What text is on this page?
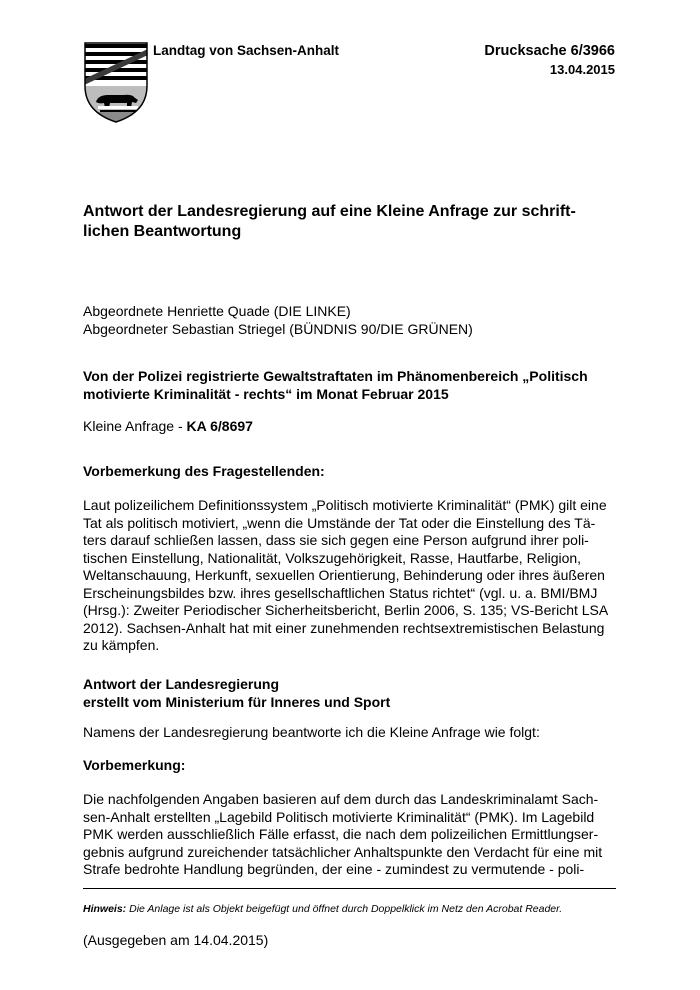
Landtag von Sachsen-Anhalt	Drucksache 6/3966
13.04.2015
Antwort der Landesregierung auf eine Kleine Anfrage zur schrift-
lichen Beantwortung
Abgeordnete Henriette Quade (DIE LINKE)
Abgeordneter Sebastian Striegel (BÜNDNIS 90/DIE GRÜNEN)
Von der Polizei registrierte Gewaltstraftaten im Phänomenbereich „Politisch
motivierte Kriminalität - rechts“ im Monat Februar 2015
Kleine Anfrage - KA 6/8697
Vorbemerkung des Fragestellenden:
Laut polizeilichem Definitionssystem „Politisch motivierte Kriminalität“ (PMK) gilt eine
Tat als politisch motiviert, „wenn die Umstände der Tat oder die Einstellung des Tä-
ters darauf schließen lassen, dass sie sich gegen eine Person aufgrund ihrer poli-
tischen Einstellung, Nationalität, Volkszugehörigkeit, Rasse, Hautfarbe, Religion,
Weltanschauung, Herkunft, sexuellen Orientierung, Behinderung oder ihres äußeren
Erscheinungsbildes bzw. ihres gesellschaftlichen Status richtet“ (vgl. u. a. BMI/BMJ
(Hrsg.): Zweiter Periodischer Sicherheitsbericht, Berlin 2006, S. 135; VS-Bericht LSA
2012). Sachsen-Anhalt hat mit einer zunehmenden rechtsextremistischen Belastung
zu kämpfen.
Antwort der Landesregierung
erstellt vom Ministerium für Inneres und Sport
Namens der Landesregierung beantworte ich die Kleine Anfrage wie folgt:
Vorbemerkung:
Die nachfolgenden Angaben basieren auf dem durch das Landeskriminalamt Sach-
sen-Anhalt erstellten „Lagebild Politisch motivierte Kriminalität“ (PMK). Im Lagebild
PMK werden ausschließlich Fälle erfasst, die nach dem polizeilichen Ermittlungser-
gebnis aufgrund zureichender tatsächlicher Anhaltspunkte den Verdacht für eine mit
Strafe bedrohte Handlung begründen, der eine - zumindest zu vermutende - poli-
Hinweis: Die Anlage ist als Objekt beigefügt und öffnet durch Doppelklick im Netz den Acrobat Reader.
(Ausgegeben am 14.04.2015)
